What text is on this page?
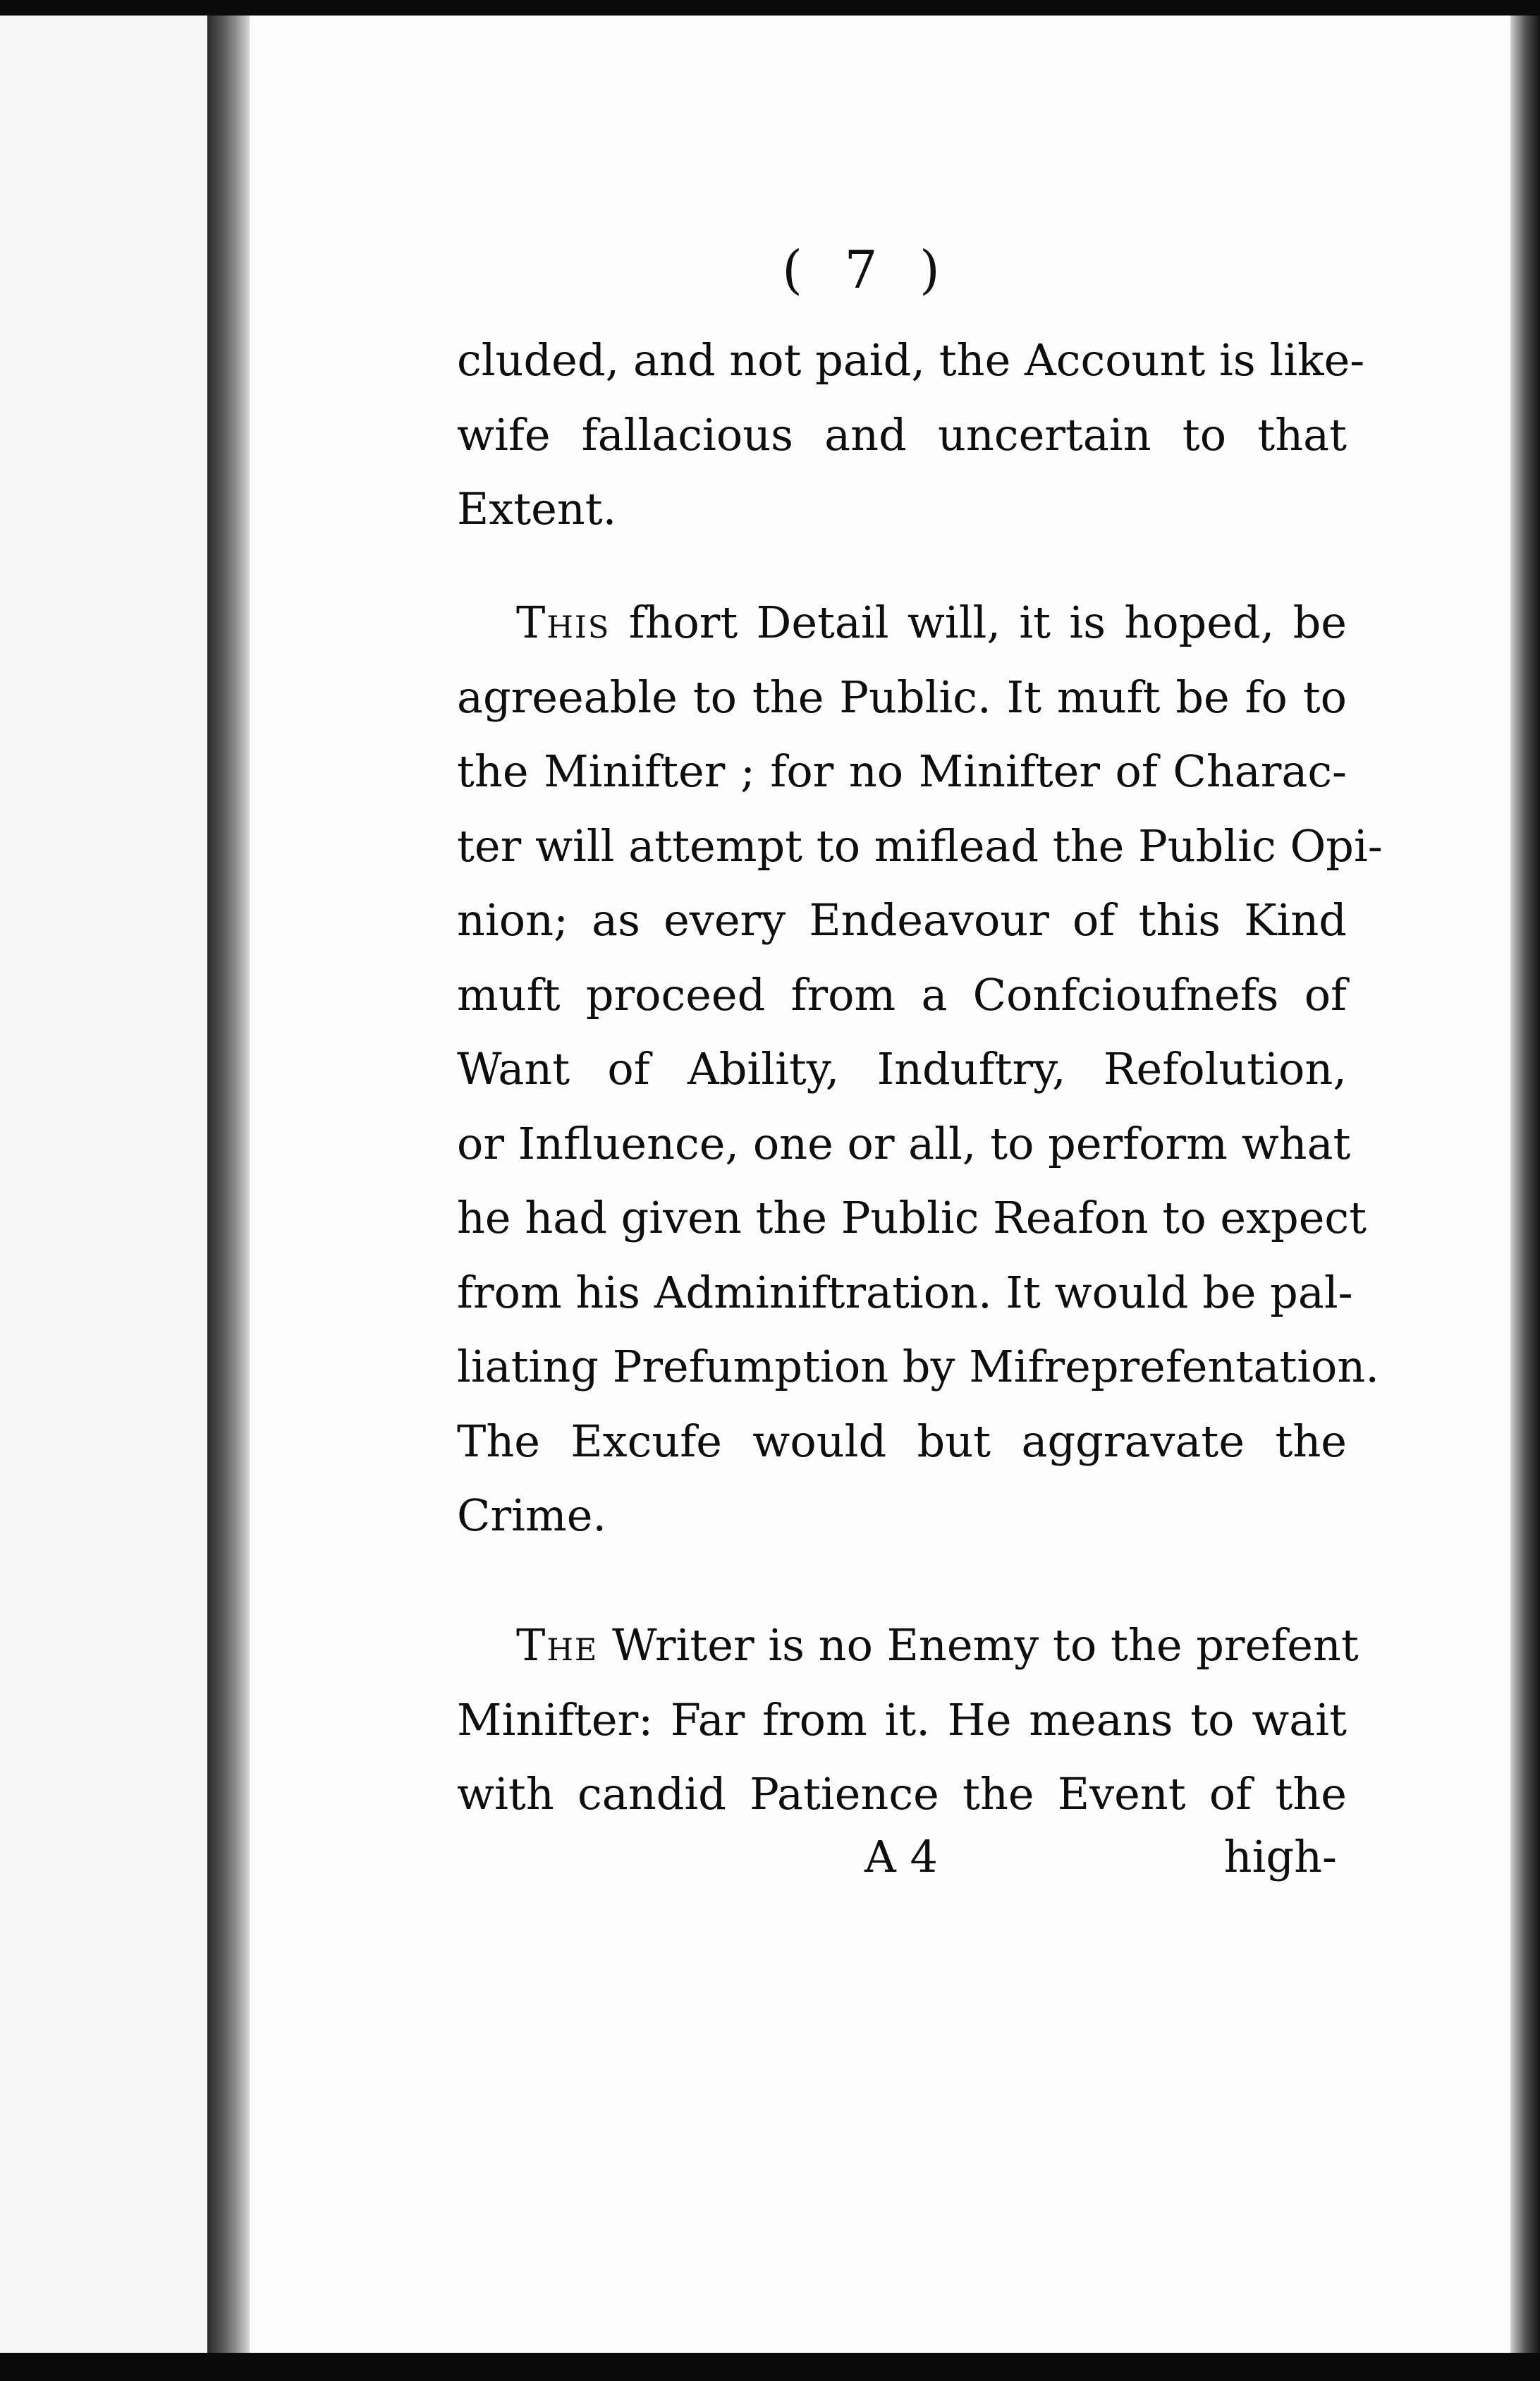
( 7 )
cluded, and not paid, the Account is like-
wife fallacious and uncertain to that
Extent.
This fhort Detail will, it is hoped, be
agreeable to the Public. It muft be fo to
the Minifter ; for no Minifter of Charac-
ter will attempt to miflead the Public Opi-
nion; as every Endeavour of this Kind
muft proceed from a Confcioufnefs of
Want of Ability, Induftry, Refolution,
or Influence, one or all, to perform what
he had given the Public Reafon to expect
from his Adminiftration. It would be pal-
liating Prefumption by Mifreprefentation.
The Excufe would but aggravate the
Crime.
The Writer is no Enemy to the prefent
Minifter: Far from it. He means to wait
with candid Patience the Event of the
A 4	high-
